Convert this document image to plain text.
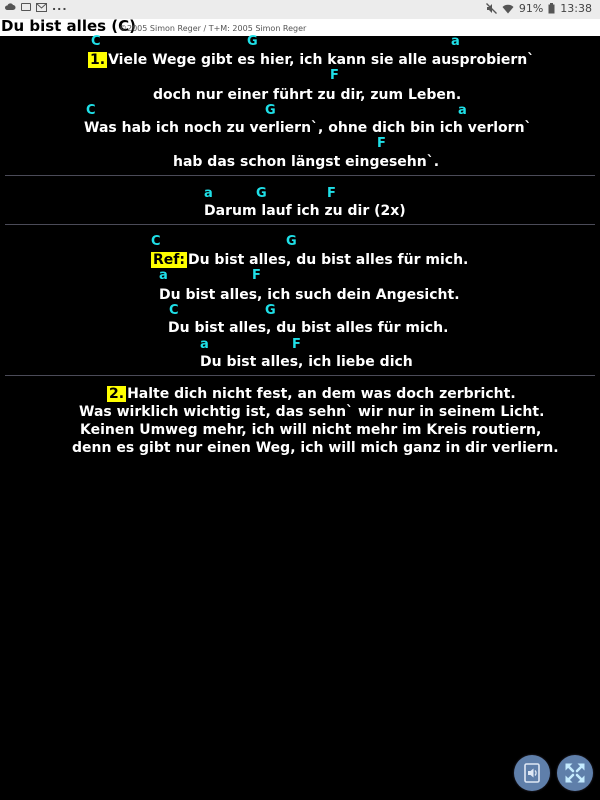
...	91% 13:38
Du bist alles (C)
©2005 Simon Reger / T+M: 2005 Simon Reger
C	G	a
1. Viele Wege gibt es hier, ich kann sie alle ausprobiern`
F
doch nur einer führt zu dir, zum Leben.
C	G	a
Was hab ich noch zu verliern`, ohne dich bin ich verlorn`
F
hab das schon längst eingesehn`.
a	G	F
Darum lauf ich zu dir (2x)
C	G
Ref: Du bist alles, du bist alles für mich.
a	F
Du bist alles, ich such dein Angesicht.
C	G
Du bist alles, du bist alles für mich.
a	F
Du bist alles, ich liebe dich
2. Halte dich nicht fest, an dem was doch zerbricht.
Was wirklich wichtig ist, das sehn` wir nur in seinem Licht.
Keinen Umweg mehr, ich will nicht mehr im Kreis routiern,
denn es gibt nur einen Weg, ich will mich ganz in dir verliern.
